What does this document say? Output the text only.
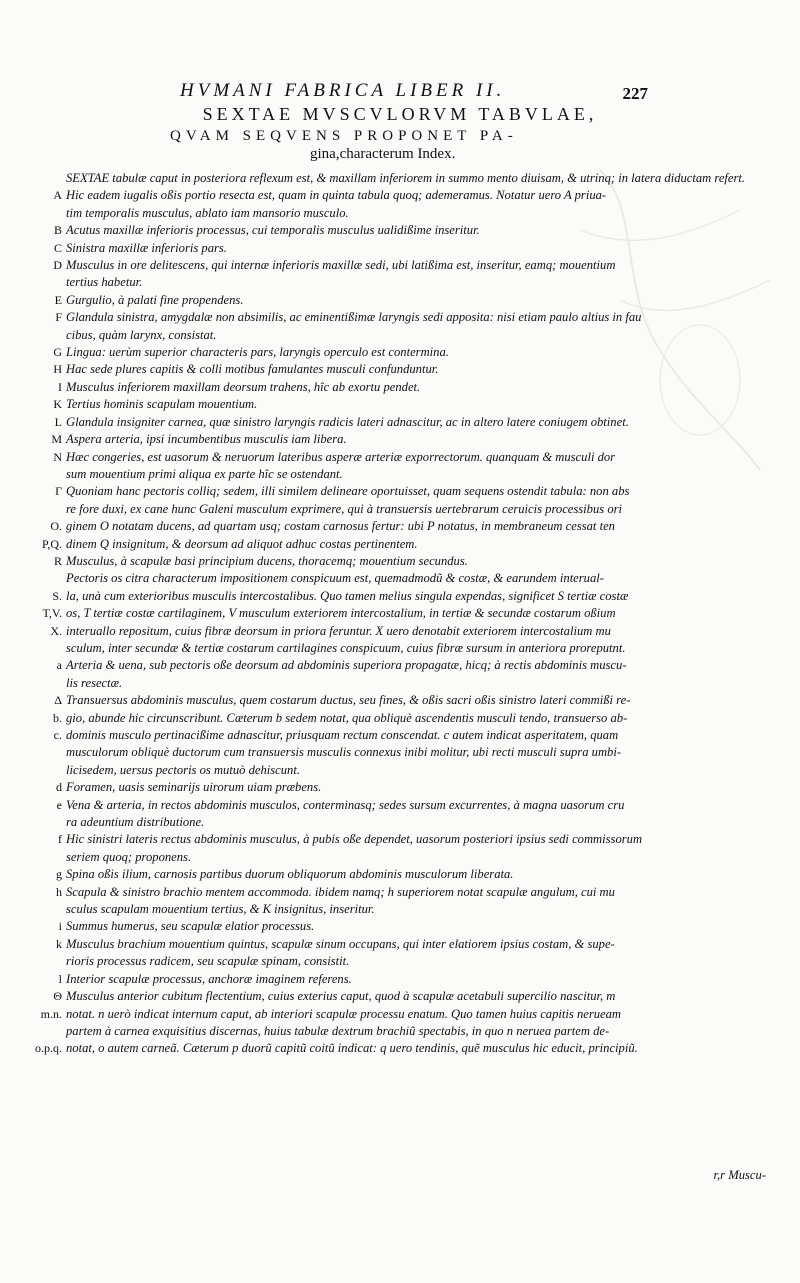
HVMANI FABRICA LIBER II.	227
SEXTAE MVSCVLORVM TABVLAE,
QVAM SEQVENS PROPONET PA-
gina,characterum Index.
SEXTAE tabulæ caput in posteriora reflexum est, & maxillam inferiorem in summo mento diuisam, & utrinq; in latera diductam refert.
A Hic eadem iugalis oßis portio resecta est, quam in quinta tabula quoq; ademeramus. Notatur uero A priua-
tim temporalis musculus, ablato iam mansorio musculo.
B Acutus maxillæ inferioris processus, cui temporalis musculus ualidißime inseritur.
C Sinistra maxillæ inferioris pars.
D Musculus in ore delitescens, qui internæ inferioris maxillæ sedi, ubi latißima est, inseritur, eamq; mouentium
tertius habetur.
E Gurgulio, à palati fine propendens.
F Glandula sinistra, amygdalæ non absimilis, ac eminentißimæ laryngis sedi apposita: nisi etiam paulo altius in fau
cibus, quàm larynx, consistat.
G Lingua: uerùm superior characteris pars, laryngis operculo est contermina.
H Hac sede plures capitis & colli motibus famulantes musculi confunduntur.
I Musculus inferiorem maxillam deorsum trahens, hîc ab exortu pendet.
K Tertius hominis scapulam mouentium.
L Glandula insigniter carnea, quæ sinistro laryngis radicis lateri adnascitur, ac in altero latere coniugem obtinet.
M Aspera arteria, ipsi incumbentibus musculis iam libera.
N Hæc congeries, est uasorum & neruorum lateribus asperæ arteriæ exporrectorum. quanquam & musculi dor
sum mouentium primi aliqua ex parte hîc se ostendant.
Γ Quoniam hanc pectoris colliq; sedem, illi similem delineare oportuisset, quam sequens ostendit tabula: non abs
re fore duxi, ex cane hunc Galeni musculum exprimere, qui à transuersis uertebrarum ceruicis processibus ori
O. ginem O notatam ducens, ad quartam usq; costam carnosus fertur: ubi P notatus, in membraneum cessat ten
P,Q. dinem Q insignitum, & deorsum ad aliquot adhuc costas pertinentem.
R Musculus, à scapulæ basi principium ducens, thoracemq; mouentium secundus.
Pectoris os citra characterum impositionem conspicuum est, quemadmodũ & costæ, & earundem interual-
S. la, unà cum exterioribus musculis intercostalibus. Quo tamen melius singula expendas, significet S tertiæ costæ
T,V. os, T tertiæ costæ cartilaginem, V musculum exteriorem intercostalium, in tertiæ & secundæ costarum oßium
X. interuallo repositum, cuius fibræ deorsum in priora feruntur. X uero denotabit exteriorem intercostalium mu
sculum, inter secundæ & tertiæ costarum cartilagines conspicuum, cuius fibræ sursum in anteriora proreputnt.
a Arteria & uena, sub pectoris oße deorsum ad abdominis superiora propagatæ, hicq; à rectis abdominis muscu-
lis resectæ.
Δ Transuersus abdominis musculus, quem costarum ductus, seu fines, & oßis sacri oßis sinistro lateri commißi re-
b. gio, abunde hic circunscribunt. Cæterum b sedem notat, qua obliquè ascendentis musculi tendo, transuerso ab-
c. dominis musculo pertinacißime adnascitur, priusquam rectum conscendat. c autem indicat asperitatem, quam
musculorum obliquè ductorum cum transuersis musculis connexus inibi molitur, ubi recti musculi supra umbi-
licisedem, uersus pectoris os mutuò dehiscunt.
d Foramen, uasis seminarijs uirorum uiam præbens.
e Vena & arteria, in rectos abdominis musculos, conterminasq; sedes sursum excurrentes, à magna uasorum cru
ra adeuntium distributione.
f Hic sinistri lateris rectus abdominis musculus, à pubis oße dependet, uasorum posteriori ipsius sedi commissorum
seriem quoq; proponens.
g Spina oßis ilium, carnosis partibus duorum obliquorum abdominis musculorum liberata.
h Scapula & sinistro brachio mentem accommoda. ibidem namq; h superiorem notat scapulæ angulum, cui mu
sculus scapulam mouentium tertius, & K insignitus, inseritur.
i Summus humerus, seu scapulæ elatior processus.
k Musculus brachium mouentium quintus, scapulæ sinum occupans, qui inter elatiorem ipsius costam, & supe-
rioris processus radicem, seu scapulæ spinam, consistit.
l Interior scapulæ processus, anchoræ imaginem referens.
Θ Musculus anterior cubitum flectentium, cuius exterius caput, quod à scapulæ acetabuli supercilio nascitur, m
m.n. notat. n uerò indicat internum caput, ab interiori scapulæ processu enatum. Quo tamen huius capitis nerueam
partem à carnea exquisitius discernas, huius tabulæ dextrum brachiũ spectabis, in quo n neruea partem de-
o.p.q. notat, o autem carneã. Cæterum p duorũ capitũ coitũ indicat: q uero tendinis, quẽ musculus hic educit, principiũ.
r,r Muscu-
